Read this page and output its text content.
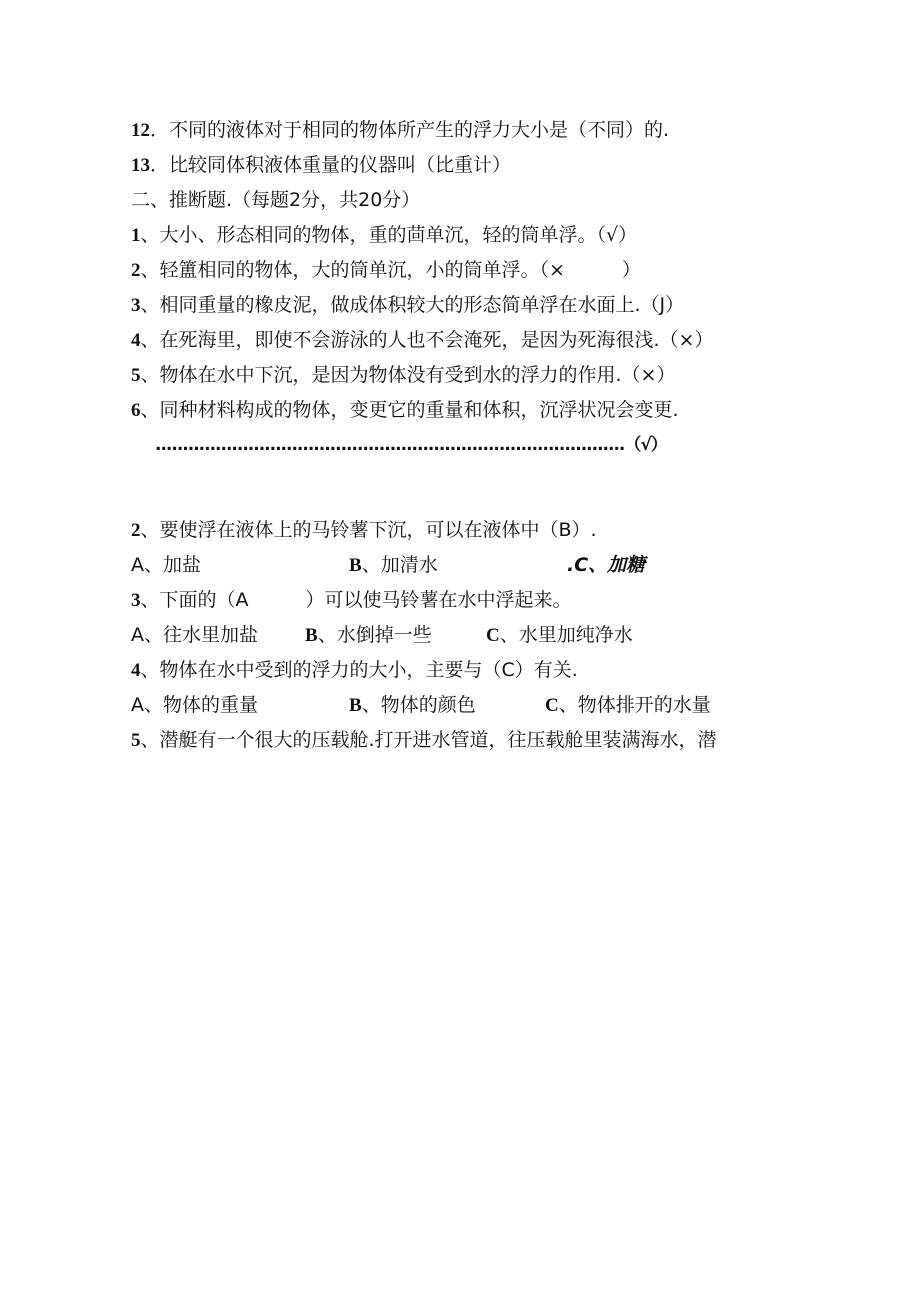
12．不同的液体对于相同的物体所产生的浮力大小是（不同）的.
13．比较同体积液体重量的仪器叫（比重计）
二、推断题.（每题2分，共20分）
1、大小、形态相同的物体，重的茴单沉，轻的筒单浮。（√）
2、轻簠相同的物体，大的筒单沉，小的筒单浮。（×　　　）
3、相同重量的橡皮泥，做成体积较大的形态简单浮在水面上.（J）
4、在死海里，即使不会游泳的人也不会淹死，是因为死海很浅.（×）
5、物体在水中下沉，是因为物体没有受到水的浮力的作用.（×）
6、同种材料构成的物体，变更它的重量和体积，沉浮状况会变更.
......................................................................................（√）
2、要使浮在液体上的马铃薯下沉，可以在液体中（B）.
A、加盐	B、加清水	.C、加糖
3、下面的（A　　　）可以使马铃薯在水中浮起来。
A、往水里加盐 B、水倒掉一些	C、水里加纯净水
4、物体在水中受到的浮力的大小，主要与（C）有关.
A、物体的重量	B、物体的颜色	C、物体排开的水量
5、潜艇有一个很大的压载舱.打开进水管道，往压载舱里装满海水，潜
